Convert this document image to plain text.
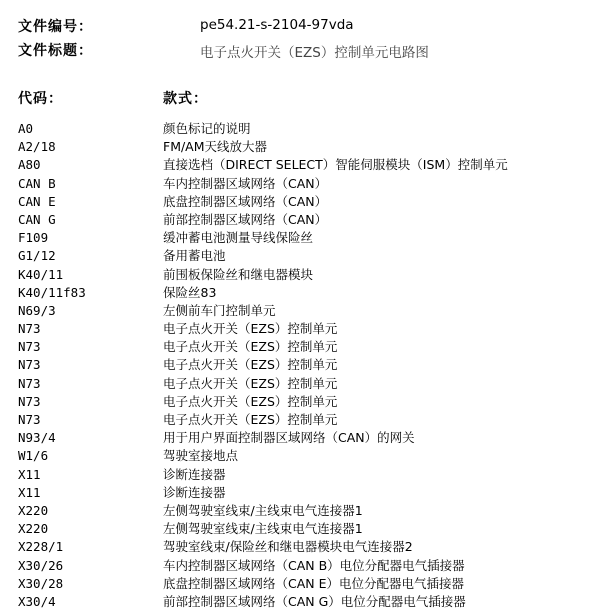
文件编号：	pe54.21-s-2104-97vda
文件标题：	电子点火开关（EZS）控制单元电路图
代码：	款式：
A0	颜色标记的说明
A2/18	FM/AM天线放大器
A80	直接选档（DIRECT SELECT）智能伺服模块（ISM）控制单元
CAN B	车内控制器区域网络（CAN）
CAN E	底盘控制器区域网络（CAN）
CAN G	前部控制器区域网络（CAN）
F109	缓冲蓄电池测量导线保险丝
G1/12	备用蓄电池
K40/11	前围板保险丝和继电器模块
K40/11f83	保险丝83
N69/3	左侧前车门控制单元
N73	电子点火开关（EZS）控制单元
N73	电子点火开关（EZS）控制单元
N73	电子点火开关（EZS）控制单元
N73	电子点火开关（EZS）控制单元
N73	电子点火开关（EZS）控制单元
N73	电子点火开关（EZS）控制单元
N93/4	用于用户界面控制器区域网络（CAN）的网关
W1/6	驾驶室接地点
X11	诊断连接器
X11	诊断连接器
X220	左侧驾驶室线束/主线束电气连接器1
X220	左侧驾驶室线束/主线束电气连接器1
X228/1	驾驶室线束/保险丝和继电器模块电气连接器2
X30/26	车内控制器区域网络（CAN B）电位分配器电气插接器
X30/28	底盘控制器区域网络（CAN E）电位分配器电气插接器
X30/4	前部控制器区域网络（CAN G）电位分配器电气插接器
